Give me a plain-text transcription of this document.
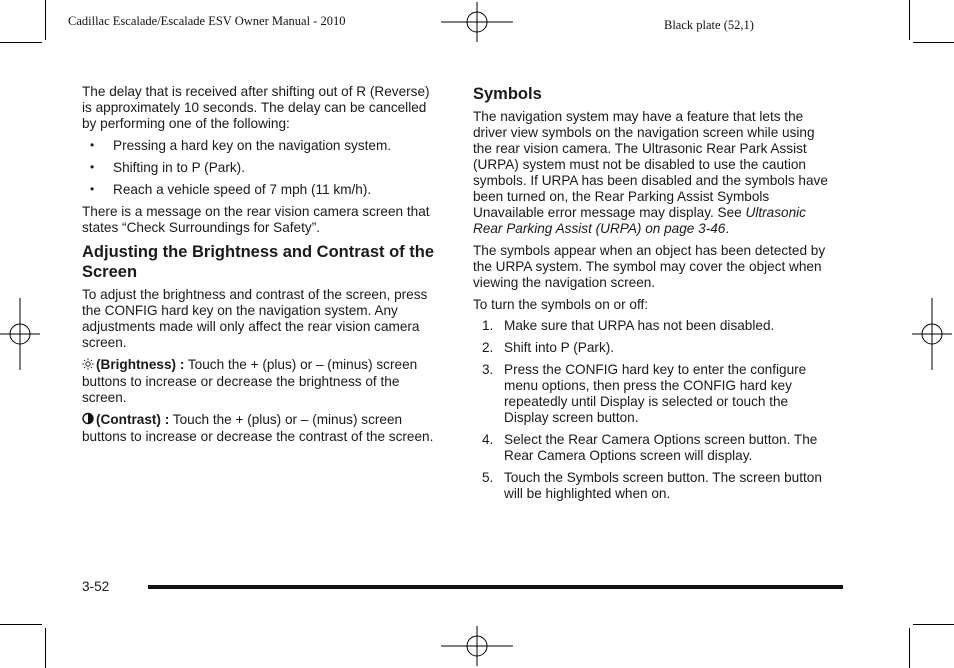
Cadillac Escalade/Escalade ESV Owner Manual - 2010	Black plate (52,1)

The delay that is received after shifting out of R (Reverse) is approximately 10 seconds. The delay can be cancelled by performing one of the following:

• Pressing a hard key on the navigation system.
• Shifting in to P (Park).
• Reach a vehicle speed of 7 mph (11 km/h).

There is a message on the rear vision camera screen that states “Check Surroundings for Safety”.

Adjusting the Brightness and Contrast of the Screen

To adjust the brightness and contrast of the screen, press the CONFIG hard key on the navigation system. Any adjustments made will only affect the rear vision camera screen.

(Brightness) : Touch the + (plus) or – (minus) screen buttons to increase or decrease the brightness of the screen.

(Contrast) : Touch the + (plus) or – (minus) screen buttons to increase or decrease the contrast of the screen.

Symbols

The navigation system may have a feature that lets the driver view symbols on the navigation screen while using the rear vision camera. The Ultrasonic Rear Park Assist (URPA) system must not be disabled to use the caution symbols. If URPA has been disabled and the symbols have been turned on, the Rear Parking Assist Symbols Unavailable error message may display. See Ultrasonic Rear Parking Assist (URPA) on page 3-46.

The symbols appear when an object has been detected by the URPA system. The symbol may cover the object when viewing the navigation screen.

To turn the symbols on or off:

1. Make sure that URPA has not been disabled.
2. Shift into P (Park).
3. Press the CONFIG hard key to enter the configure menu options, then press the CONFIG hard key repeatedly until Display is selected or touch the Display screen button.
4. Select the Rear Camera Options screen button. The Rear Camera Options screen will display.
5. Touch the Symbols screen button. The screen button will be highlighted when on.
3-52
